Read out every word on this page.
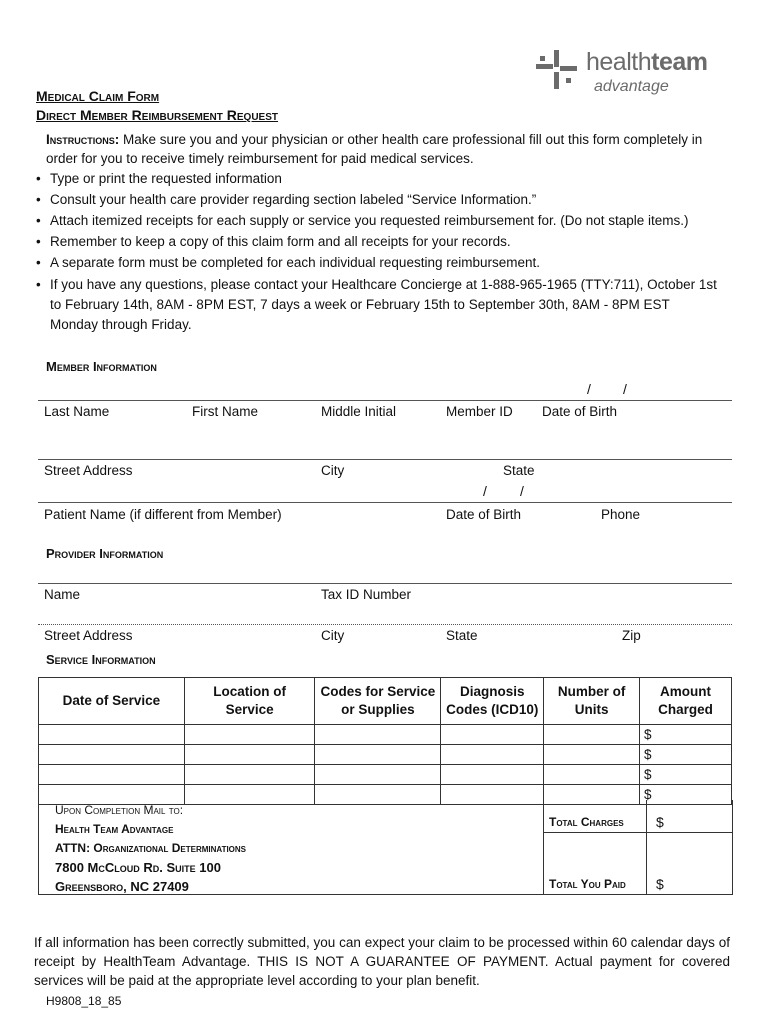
healthteam
advantage
Medical Claim Form
Direct Member Reimbursement Request
Instructions: Make sure you and your physician or other health care professional fill out this form completely in order for you to receive timely reimbursement for paid medical services.
• Type or print the requested information
• Consult your health care provider regarding section labeled “Service Information.”
• Attach itemized receipts for each supply or service you requested reimbursement for. (Do not staple items.)
• Remember to keep a copy of this claim form and all receipts for your records.
• A separate form must be completed for each individual requesting reimbursement.
• If you have any questions, please contact your Healthcare Concierge at 1-888-965-1965 (TTY:711), October 1st to February 14th, 8AM - 8PM EST, 7 days a week or February 15th to September 30th, 8AM - 8PM EST Monday through Friday.
Member Information
/ /
Last Name	First Name	Middle Initial	Member ID Date of Birth
Street Address	City	State
/ /
Patient Name (if different from Member)	Date of Birth	Phone
Provider Information
Name	Tax ID Number
Street Address	City	State	Zip
Service Information
Date of Service	Location of Service	Codes for Service or Supplies	Diagnosis Codes (ICD10)	Number of Units	Amount Charged
					$
					$
					$
					$
Upon Completion Mail to:
Health Team Advantage
ATTN: Organizational Determinations
7800 McCloud Rd. Suite 100
Greensboro, NC 27409
Total Charges $
Total You Paid $
If all information has been correctly submitted, you can expect your claim to be processed within 60 calendar days of receipt by HealthTeam Advantage. THIS IS NOT A GUARANTEE OF PAYMENT. Actual payment for covered services will be paid at the appropriate level according to your plan benefit.
H9808_18_85
